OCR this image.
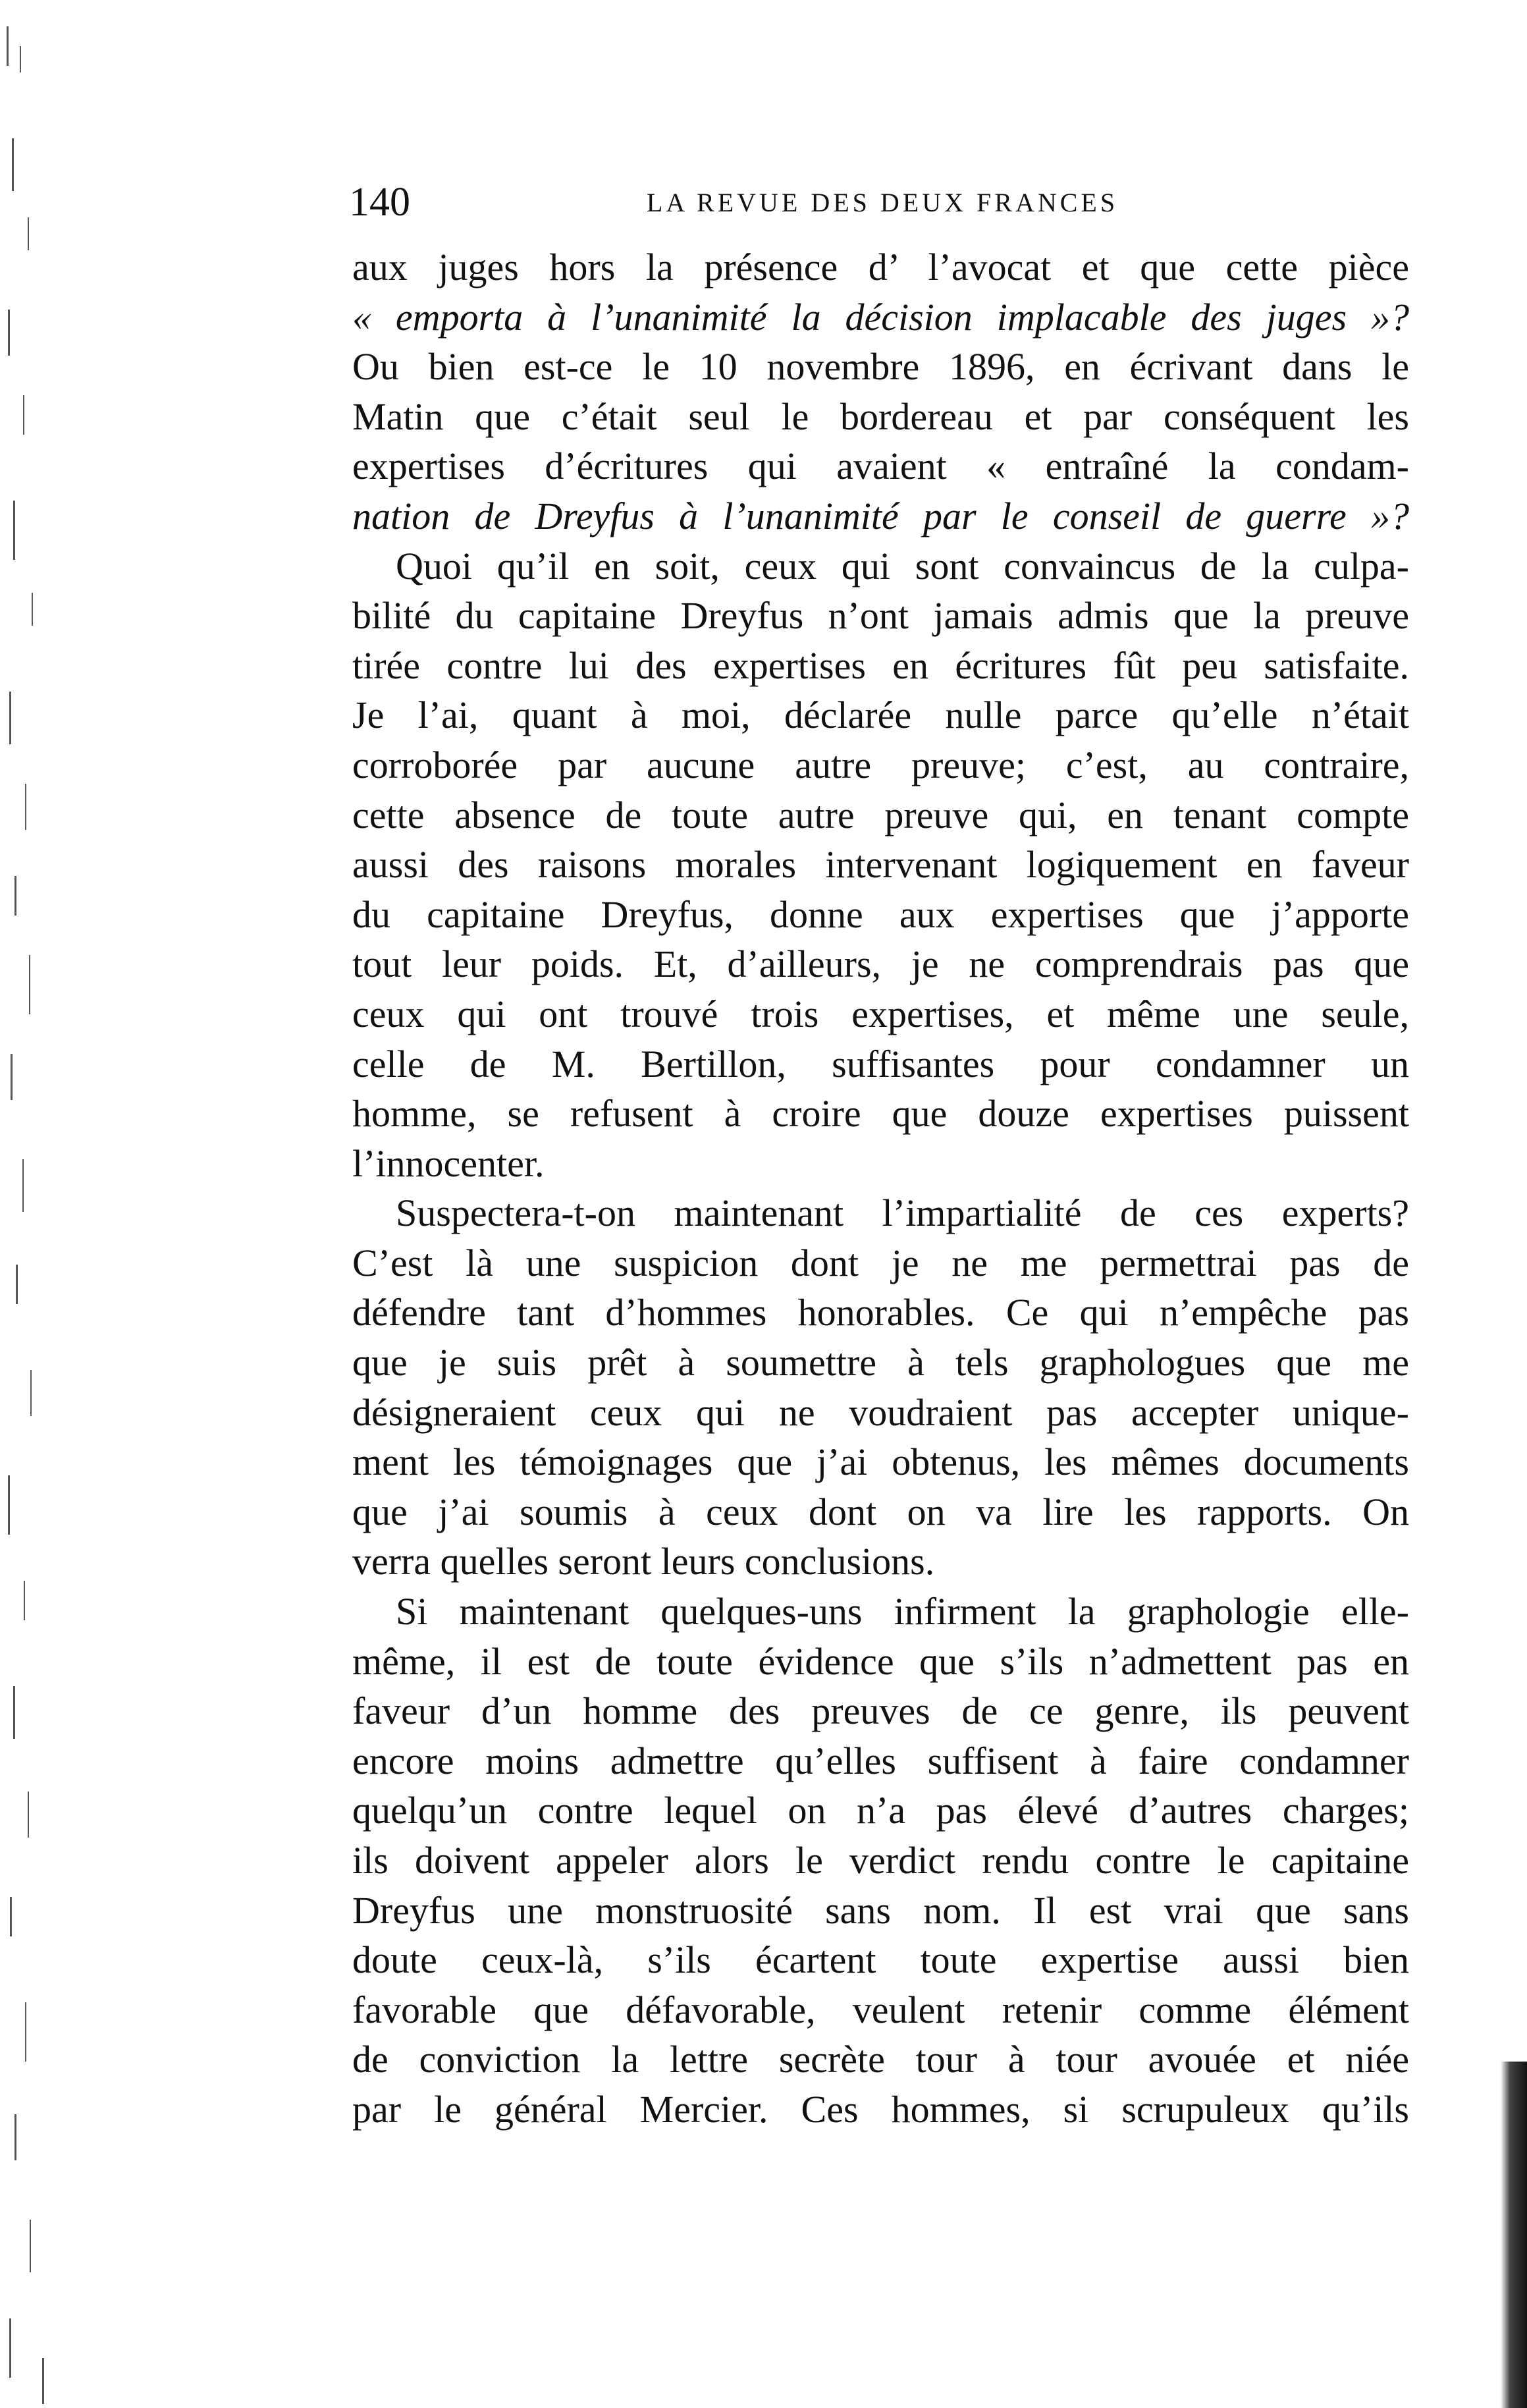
140	LA REVUE DES DEUX FRANCES
aux juges hors la présence d’ l’avocat et que cette pièce
« emporta à l’unanimité la décision implacable des juges »?
Ou bien est-ce le 10 novembre 1896, en écrivant dans le
Matin que c’était seul le bordereau et par conséquent les
expertises d’écritures qui avaient « entraîné la condam-
nation de Dreyfus à l’unanimité par le conseil de guerre »?
Quoi qu’il en soit, ceux qui sont convaincus de la culpa-
bilité du capitaine Dreyfus n’ont jamais admis que la preuve
tirée contre lui des expertises en écritures fût peu satisfaite.
Je l’ai, quant à moi, déclarée nulle parce qu’elle n’était
corroborée par aucune autre preuve; c’est, au contraire,
cette absence de toute autre preuve qui, en tenant compte
aussi des raisons morales intervenant logiquement en faveur
du capitaine Dreyfus, donne aux expertises que j’apporte
tout leur poids. Et, d’ailleurs, je ne comprendrais pas que
ceux qui ont trouvé trois expertises, et même une seule,
celle de M. Bertillon, suffisantes pour condamner un
homme, se refusent à croire que douze expertises puissent
l’innocenter.
Suspectera-t-on maintenant l’impartialité de ces experts?
C’est là une suspicion dont je ne me permettrai pas de
défendre tant d’hommes honorables. Ce qui n’empêche pas
que je suis prêt à soumettre à tels graphologues que me
désigneraient ceux qui ne voudraient pas accepter unique-
ment les témoignages que j’ai obtenus, les mêmes documents
que j’ai soumis à ceux dont on va lire les rapports. On
verra quelles seront leurs conclusions.
Si maintenant quelques-uns infirment la graphologie elle-
même, il est de toute évidence que s’ils n’admettent pas en
faveur d’un homme des preuves de ce genre, ils peuvent
encore moins admettre qu’elles suffisent à faire condamner
quelqu’un contre lequel on n’a pas élevé d’autres charges;
ils doivent appeler alors le verdict rendu contre le capitaine
Dreyfus une monstruosité sans nom. Il est vrai que sans
doute ceux-là, s’ils écartent toute expertise aussi bien
favorable que défavorable, veulent retenir comme élément
de conviction la lettre secrète tour à tour avouée et niée
par le général Mercier. Ces hommes, si scrupuleux qu’ils
